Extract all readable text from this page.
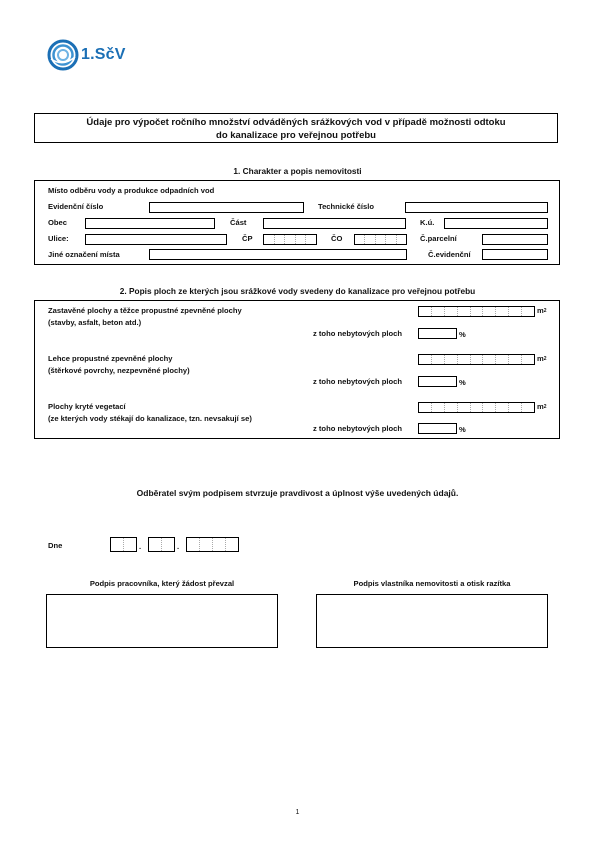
1.SčV
Údaje pro výpočet ročního množství odváděných srážkových vod v případě možnosti odtoku
do kanalizace pro veřejnou potřebu
1. Charakter a popis nemovitosti
Místo odběru vody a produkce odpadních vod
Evidenční číslo	Technické číslo
Obec	Část	K.ú.
Ulice:	ČP	ČO	Č.parcelní
Jiné označení místa	Č.evidenční
2. Popis ploch ze kterých jsou srážkové vody svedeny do kanalizace pro veřejnou potřebu
Zastavěné plochy a těžce propustné zpevněné plochy
(stavby, asfalt, beton atd.)
$m^2$
z toho nebytových ploch	%
Lehce propustné zpevněné plochy
(štěrkové povrchy, nezpevněné plochy)
$m^2$
z toho nebytových ploch	%
Plochy kryté vegetací
(ze kterých vody stékají do kanalizace, tzn. nevsakují se)
$m^2$
z toho nebytových ploch	%
Odběratel svým podpisem stvrzuje pravdivost a úplnost výše uvedených údajů.
Dne	.	.
Podpis pracovníka, který žádost převzal	Podpis vlastníka nemovitosti a otisk razítka
1
